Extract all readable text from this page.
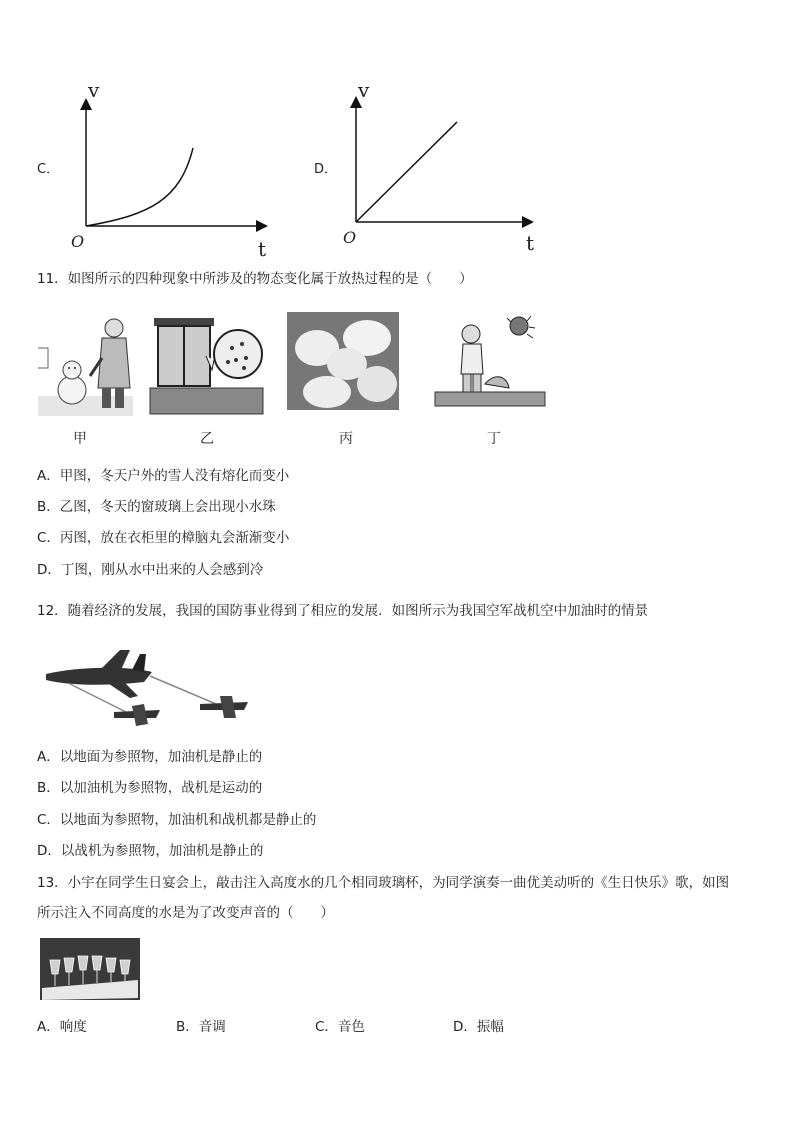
C．
v
O	t
D．
v
O	t
11．如图所示的四种现象中所涉及的物态变化属于放热过程的是（　　）
甲	乙	丙	丁
A．甲图，冬天户外的雪人没有熔化而变小
B．乙图，冬天的窗玻璃上会出现小水珠
C．丙图，放在衣柜里的樟脑丸会渐渐变小
D．丁图，刚从水中出来的人会感到冷
12．随着经济的发展，我国的国防事业得到了相应的发展．如图所示为我国空军战机空中加油时的情景
A．以地面为参照物，加油机是静止的
B．以加油机为参照物，战机是运动的
C．以地面为参照物，加油机和战机都是静止的
D．以战机为参照物，加油机是静止的
13．小宇在同学生日宴会上，敲击注入高度水的几个相同玻璃杯，为同学演奏一曲优美动听的《生日快乐》歌，如图
所示注入不同高度的水是为了改变声音的（　　）
A．响度	B．音调	C．音色	D．振幅
